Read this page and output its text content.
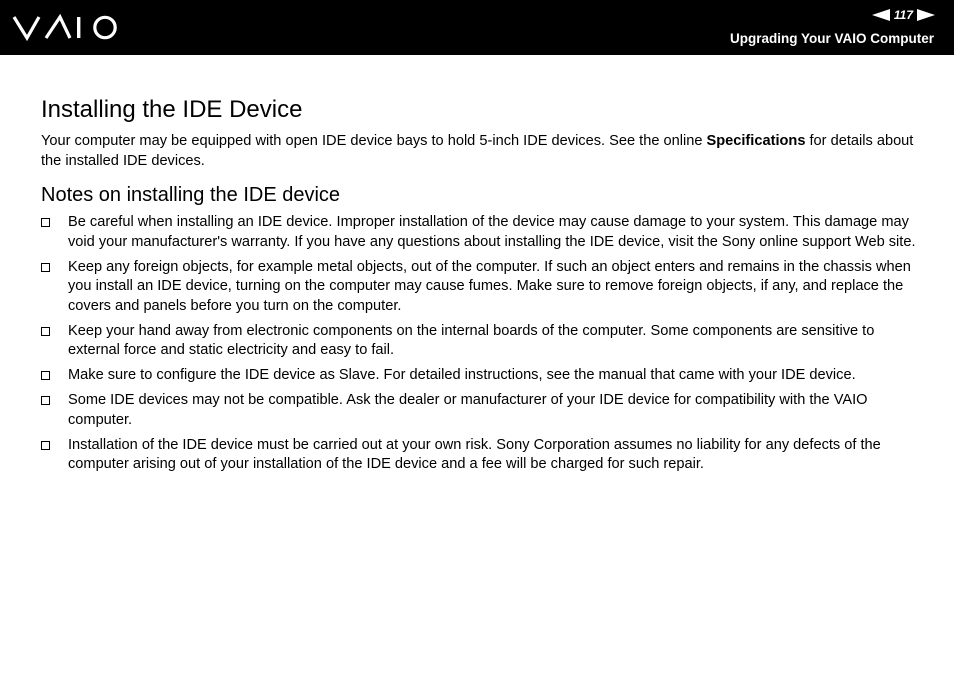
117
Upgrading Your VAIO Computer
Installing the IDE Device

Your computer may be equipped with open IDE device bays to hold 5-inch IDE devices. See the online Specifications for details about the installed IDE devices.

Notes on installing the IDE device
Be careful when installing an IDE device. Improper installation of the device may cause damage to your system. This damage may void your manufacturer's warranty. If you have any questions about installing the IDE device, visit the Sony online support Web site.
Keep any foreign objects, for example metal objects, out of the computer. If such an object enters and remains in the chassis when you install an IDE device, turning on the computer may cause fumes. Make sure to remove foreign objects, if any, and replace the covers and panels before you turn on the computer.
Keep your hand away from electronic components on the internal boards of the computer. Some components are sensitive to external force and static electricity and easy to fail.
Make sure to configure the IDE device as Slave. For detailed instructions, see the manual that came with your IDE device.
Some IDE devices may not be compatible. Ask the dealer or manufacturer of your IDE device for compatibility with the VAIO computer.
Installation of the IDE device must be carried out at your own risk. Sony Corporation assumes no liability for any defects of the computer arising out of your installation of the IDE device and a fee will be charged for such repair.
